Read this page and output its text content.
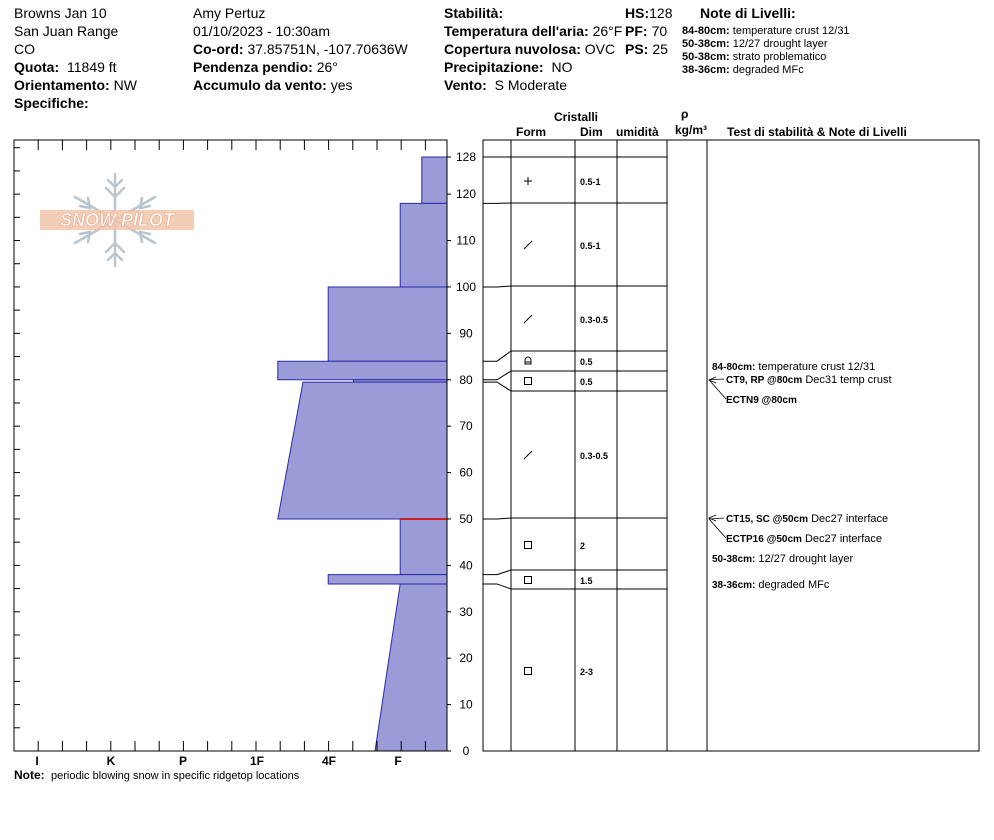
Browns Jan 10
San Juan Range
CO
Quota: 11849 ft
Orientamento: NW
Specifiche:
Amy Pertuz
01/10/2023 - 10:30am
Co-ord: 37.85751N, -107.70636W
Pendenza pendio: 26°
Accumulo da vento: yes
Stabilità:
Temperatura dell'aria: 26°F
Copertura nuvolosa: OVC
Precipitazione: NO
Vento: S Moderate
HS:128
PF: 70
PS: 25
Note di Livelli:
84-80cm: temperature crust 12/31
50-38cm: 12/27 drought layer
50-38cm: strato problematico
38-36cm: degraded MFc
Cristalli
Form	Dim umidità
ρ
kg/m³ Test di stabilità & Note di Livelli
SNOW PILOT
I	K	P	1F	4F	F
0
10
20
30
40
50
60
70
80
90
100
110
120
128
0.5-1
0.5-1
0.3-0.5
0.5
0.5
0.3-0.5
2
1.5
2-3
CT9, RP @80cm Dec31 temp crust
ECTN9 @80cm
CT15, SC @50cm Dec27 interface
ECTP16 @50cm Dec27 interface
84-80cm: temperature crust 12/31
50-38cm: 12/27 drought layer
38-36cm: degraded MFc
Note: periodic blowing snow in specific ridgetop locations
